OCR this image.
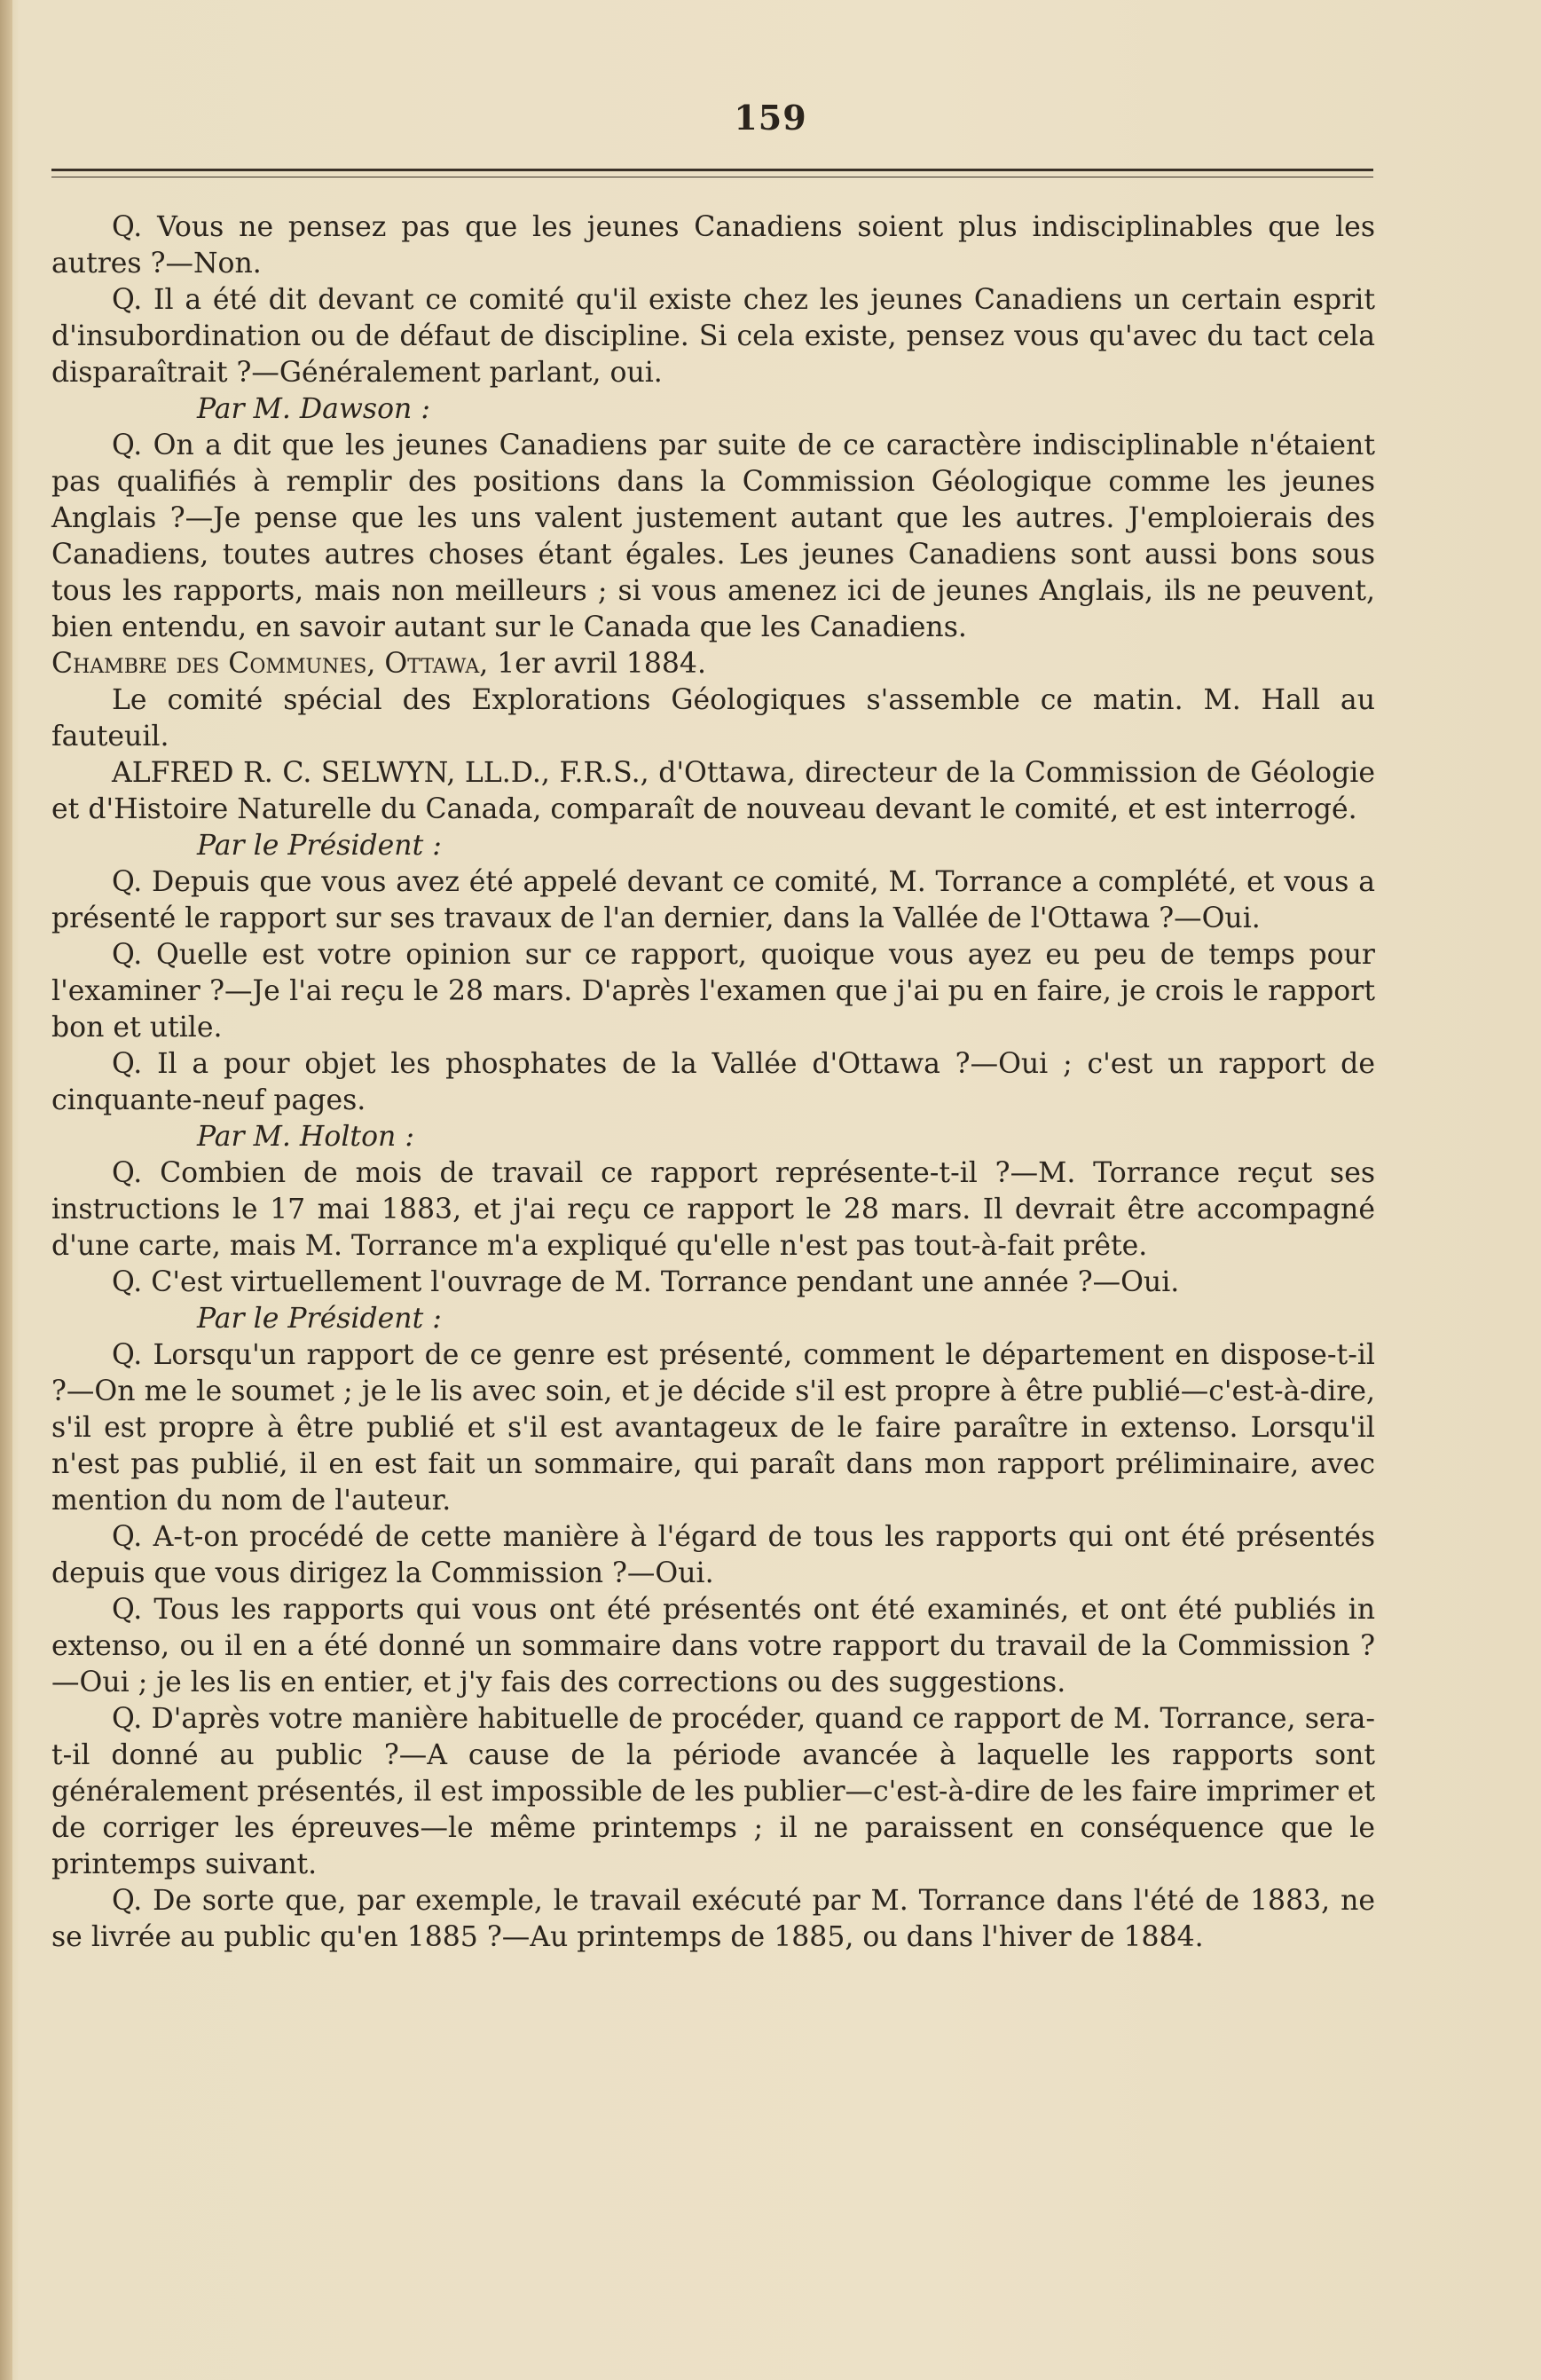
159

Q. Vous ne pensez pas que les jeunes Canadiens soient plus indisciplinables que les autres ?—Non.

Q. Il a été dit devant ce comité qu'il existe chez les jeunes Canadiens un certain esprit d'insubordination ou de défaut de discipline. Si cela existe, pensez vous qu'avec du tact cela disparaîtrait ?—Généralement parlant, oui.

Par M. Dawson :

Q. On a dit que les jeunes Canadiens par suite de ce caractère indisciplinable n'étaient pas qualifiés à remplir des positions dans la Commission Géologique comme les jeunes Anglais ?—Je pense que les uns valent justement autant que les autres. J'emploierais des Canadiens, toutes autres choses étant égales. Les jeunes Canadiens sont aussi bons sous tous les rapports, mais non meilleurs ; si vous amenez ici de jeunes Anglais, ils ne peuvent, bien entendu, en savoir autant sur le Canada que les Canadiens.

Chambre des Communes, Ottawa, 1er avril 1884.

Le comité spécial des Explorations Géologiques s'assemble ce matin. M. Hall au fauteuil.

ALFRED R. C. SELWYN, LL.D., F.R.S., d'Ottawa, directeur de la Commission de Géologie et d'Histoire Naturelle du Canada, comparaît de nouveau devant le comité, et est interrogé.

Par le Président :

Q. Depuis que vous avez été appelé devant ce comité, M. Torrance a complété, et vous a présenté le rapport sur ses travaux de l'an dernier, dans la Vallée de l'Ottawa ?—Oui.

Q. Quelle est votre opinion sur ce rapport, quoique vous ayez eu peu de temps pour l'examiner ?—Je l'ai reçu le 28 mars. D'après l'examen que j'ai pu en faire, je crois le rapport bon et utile.

Q. Il a pour objet les phosphates de la Vallée d'Ottawa ?—Oui ; c'est un rapport de cinquante-neuf pages.

Par M. Holton :

Q. Combien de mois de travail ce rapport représente-t-il ?—M. Torrance reçut ses instructions le 17 mai 1883, et j'ai reçu ce rapport le 28 mars. Il devrait être accompagné d'une carte, mais M. Torrance m'a expliqué qu'elle n'est pas tout-à-fait prête.

Q. C'est virtuellement l'ouvrage de M. Torrance pendant une année ?—Oui.

Par le Président :

Q. Lorsqu'un rapport de ce genre est présenté, comment le département en dispose-t-il ?—On me le soumet ; je le lis avec soin, et je décide s'il est propre à être publié—c'est-à-dire, s'il est propre à être publié et s'il est avantageux de le faire paraître in extenso. Lorsqu'il n'est pas publié, il en est fait un sommaire, qui paraît dans mon rapport préliminaire, avec mention du nom de l'auteur.

Q. A-t-on procédé de cette manière à l'égard de tous les rapports qui ont été présentés depuis que vous dirigez la Commission ?—Oui.

Q. Tous les rapports qui vous ont été présentés ont été examinés, et ont été publiés in extenso, ou il en a été donné un sommaire dans votre rapport du travail de la Commission ?—Oui ; je les lis en entier, et j'y fais des corrections ou des suggestions.

Q. D'après votre manière habituelle de procéder, quand ce rapport de M. Torrance, sera-t-il donné au public ?—A cause de la période avancée à laquelle les rapports sont généralement présentés, il est impossible de les publier—c'est-à-dire de les faire imprimer et de corriger les épreuves—le même printemps ; il ne paraissent en conséquence que le printemps suivant.

Q. De sorte que, par exemple, le travail exécuté par M. Torrance dans l'été de 1883, ne se livrée au public qu'en 1885 ?—Au printemps de 1885, ou dans l'hiver de 1884.
